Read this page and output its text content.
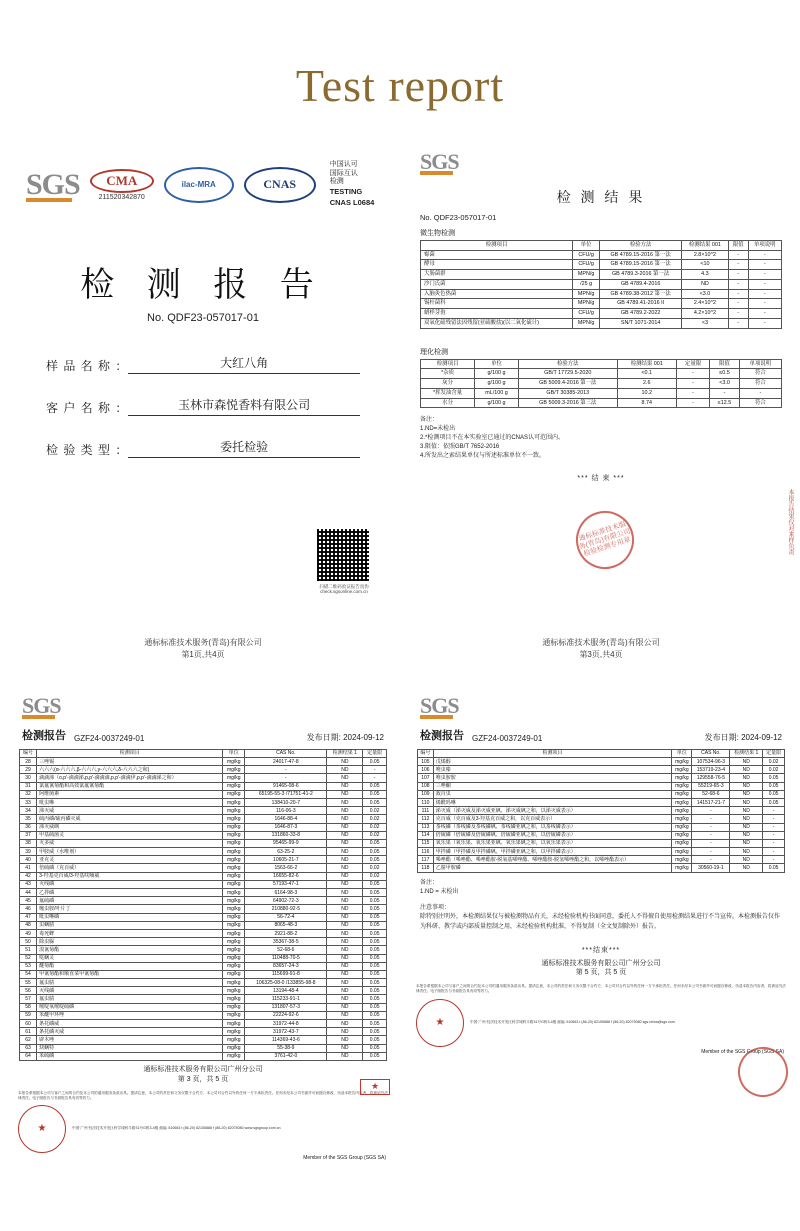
Test report
SGS	CMA
211520342870
ilac-MRA	CNAS
中国认可
国际互认
检测
TESTING
CNAS L0684
检 测 报 告
No. QDF23-057017-01
样 品 名 称 ：	大红八角
客 户 名 称 ：	玉林市森悦香料有限公司
检 验 类 型 ：	委托检验
扫描二维码验证报告真伪 check.sgsonline.com.cn
通标标准技术服务(青岛)有限公司
第1页,共4页
SGS
检 测 结 果
No. QDF23-057017-01
微生物检测
检测项目	单位	检验方法	检测结果 001	限值	单项说明
霉菌	CFU/g	GB 4789.15-2016 第一法	2.8×10^2	-	-
酵母	CFU/g	GB 4789.15-2016 第一法	<10	-	-
大肠菌群	MPN/g	GB 4789.3-2016 第一法	4.3	-	-
沙门氏菌	/25 g	GB 4789.4-2016	ND	-	-
入脑灸色热菌	MPN/g	GB 4789.38-2012 第一法	<3.0	-	-
锡杆菌科	MPN/g	GB 4789.41-2016 II	2.4×10^2	-	-
蜡样芽孢	CFU/g	GB 4789.2-2022	4.2×10^2	-	-
双氧化硫残留法因残留(亚硫酸盐)(以二氧化硫计)	MPN/g	SN/T 1071-2014	<3	-	-
理化检测
检测项目	单位	检验方法	检测结果 001	定量限	限值	单项说明
*杂质	g/100 g	GB/T 17729.5-2020	<0.1	-	≤0.5	符合
灰分	g/100 g	GB 5009.4-2016 第一法	2.6	-	<3.0	符合
*挥发油含量	mL/100 g	GB/T 30385-2013	10.2	-	-	-
水分	g/100 g	GB 5009.3-2016 第三法	8.74	-	≤12.5	符合
备注：
1.ND=未检出
2.*检测项目不在本实验室已通过的CNAS认可范围内。
3.限值：依照GB/T 7652-2016
4.所发出之索结果单仅与所述标准单位不一致。
*** 结 束 ***
通标标准技术服务(青岛)有限公司检验检测专用章	本报告结果仅对来样负责
通标标准技术服务(青岛)有限公司
第3页,共4页
SGS
检测报告 GZF24-0037249-01	发布日期: 2024-09-12
编号	检测项目	单位	CAS No.	检测结果 1	定量限
28	三唑锡	mg/kg	24017-47-8	ND	0.05
29	六六六(α-六六六,β-六六六,γ-六六六,δ-六六六之和)	mg/kg	-	ND	-
30	滴滴涕（o,p'-滴滴涕,p,p'-滴滴滴,p,p'-滴滴伊,p,p'-滴滴涕之和）	mg/kg	-	ND	-
31	氯氟氰菊酯和高效氯氟氰菊酯	mg/kg	91465-08-6	ND	0.05
32	阿维菌素	mg/kg	65195-55-3 /71751-41-2	ND	0.05
33	吡虫啉	mg/kg	138410-20-7	ND	0.05
34	涕灭威	mg/kg	116-06-3	ND	0.02
35	硫丙磷/硫丙磷灭威	mg/kg	1646-88-4	ND	0.02
36	涕灭威砜	mg/kg	1646-87-3	ND	0.02
37	甲基硫菌灵	mg/kg	131860-33-8	ND	0.02
38	灭多威	mg/kg	95465-99-9	ND	0.05
39	甲胺威（水唯剂）	mg/kg	63-25-2	ND	0.05
40	亚克灵	mg/kg	10605-21-7	ND	0.05
41	倍硫磷（克百威）	mg/kg	1563-66-2	ND	0.02
42	3-羟基克百威/3-羟基呋喃威	mg/kg	16655-82-6	ND	0.02
43	灭线磷	mg/kg	57193-47-1	ND	0.05
44	乙拌磷	mg/kg	6164-98-3	ND	0.05
45	氟硫磷	mg/kg	64902-72-3	ND	0.05
46	噻虫胺/叶片丁	mg/kg	210880-92-5	ND	0.05
47	吡虫啉磷	mg/kg	56-72-4	ND	0.05
48	虫螨腈	mg/kg	8065-48-3	ND	0.05
49	毒死蜱	mg/kg	2921-88-2	ND	0.05
50	除虫脲	mg/kg	35367-38-5	ND	0.05
51	溴氰菊酯	mg/kg	52-68-6	ND	0.05
52	哒螨灵	mg/kg	110488-70-5	ND	0.05
53	醚菊酯	mg/kg	83657-24-3	ND	0.05
54	甲氰菊酯和顺直菜甲氰菊酯	mg/kg	115699-91-8	ND	0.05
55	氟虫腈	mg/kg	106325-08-0 /133855-98-8	ND	0.05
56	灭线磷	mg/kg	13194-48-4	ND	0.05
57	氟虫腈	mg/kg	115233-91-1	ND	0.05
58	嘧啶氧嘧啶硫磷	mg/kg	131807-57-3	ND	0.05
59	苯醚甲环唑	mg/kg	22224-92-6	ND	0.05
60	条托磷威	mg/kg	31972-44-8	ND	0.05
61	条托磷灭威	mg/kg	31972-43-7	ND	0.05
62	辟木唑	mg/kg	114369-43-6	ND	0.05
63	炔螨特	mg/kg	55-38-9	ND	0.05
64	苯硫磷	mg/kg	3761-42-0	ND	0.05
通标标准技术服务有限公司广州分公司
第 3 页，共 5 页
★
本报告系根据本公司与客户之间的合约及本公司的通用服务条款出具。提请注意，本公司的责任和义务仅限于合约方，本公司对合约以外的任何一方不承担责任。任何未经本公司书面许可而擅自修改、伪造本报告内容者，将被追究法律责任。电子版报告与书面报告具有同等效力。
★	中国·广州·经济技术开发区科学城科丰路31号G栋3-4楼 邮编: 510663 t (86-20) 82155888 f (86-20) 82075080 www.sgsgroup.com.cn
Member of the SGS Group (SGS SA)
SGS
检测报告 GZF24-0037249-01	发布日期: 2024-09-12
编号	检测项目	单位	CAS No.	检测结果 1	定量限
105	戊烯醇	mg/kg	107534-96-3	ND	0.02
106	唯虫嗪	mg/kg	153719-23-4	ND	0.02
107	唯虫胺胺	mg/kg	129558-76-5	ND	0.05
108	三唑酮	mg/kg	55219-65-3	ND	0.05
109	敌百虫	mg/kg	52-68-6	ND	0.05
110	烯酰吗啉	mg/kg	141517-21-7	ND	0.05
111	涕灭威（涕灭威及涕灭威亚砜、涕灭威砜之和，以涕灭威表示）	mg/kg	-	ND	-
112	克百威（克百威及3-羟基克百威之和，以克百威表示）	mg/kg	-	ND	-
113	茶线磷（茶线磷及茶线磷砜、茶线磷亚砜之和，以茶线磷表示）	mg/kg	-	ND	-
114	倍硫磷（倍硫磷及倍硫磷砜、倍硫磷亚砜之和，以倍硫磷表示）	mg/kg	-	ND	-
115	氧乐果（氧乐果、氧乐果亚砜、氧乐果砜之和，以氧乐果表示）	mg/kg	-	ND	-
116	甲拌磷（甲拌磷及甲拌磷砜、甲拌磷亚砜之和，以甲拌磷表示）	mg/kg	-	ND	-
117	唏唑酯（唏唑酯、唏唑酯胺-脱氧基唏唑酯、唏唑酯胺-脱氢唏唑酯之和，以唏唑酯表示）	mg/kg	-	ND	-
118	乙腈甲胺磷	mg/kg	30560-19-1	ND	0.05
备注：
1.ND = 未检出
注意事项：
除特别注明外，本检测结果仅与被检测物品有关，未经检验机构书面同意，委托人不得擅自使用检测结果进行不当宣传。本检测报告仅作为科研、教学或内部质量控制之用，未经检验机构批准，不得复制（全文复制除外）报告。
***结束***
通标标准技术服务有限公司广州分公司
第 5 页，共 5 页
本报告系根据本公司与客户之间的合约及本公司的通用服务条款出具。提请注意，本公司的责任和义务仅限于合约方，本公司对合约以外的任何一方不承担责任。任何未经本公司书面许可而擅自修改、伪造本报告内容者，将被追究法律责任。电子版报告与书面报告具有同等效力。
★	中国·广州·经济技术开发区科学城科丰路31号G栋3-4楼 邮编: 510663 t (86-20) 82155888 f (86-20) 82075080 sgs.china@sgs.com
Member of the SGS Group (SGS SA)
